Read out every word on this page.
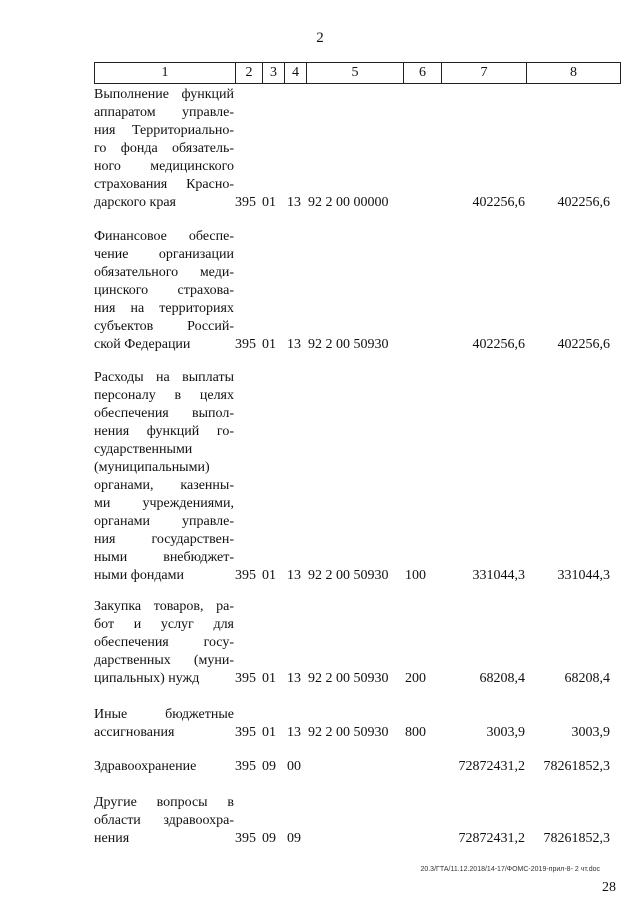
2
1	2	3	4	5	6	7	8
Выполнение функций
аппаратом управле-
ния Территориально-
го фонда обязатель-
ного медицинского
страхования Красно-
дарского края	395 01 13 92 2 00 00000	402256,6 402256,6
Финансовое обеспе-
чение организации
обязательного меди-
цинского страхова-
ния на территориях
субъектов Россий-
ской Федерации	395 01 13 92 2 00 50930	402256,6 402256,6
Расходы на выплаты
персоналу в целях
обеспечения выпол-
нения функций го-
сударственными
(муниципальными)
органами, казенны-
ми учреждениями,
органами управле-
ния государствен-
ными внебюджет-
ными фондами	395 01 13 92 2 00 50930 100	331044,3 331044,3
Закупка товаров, ра-
бот и услуг для
обеспечения госу-
дарственных (муни-
ципальных) нужд	395 01 13 92 2 00 50930 200	68208,4	68208,4
Иные бюджетные
ассигнования	395 01 13 92 2 00 50930 800	3003,9	3003,9
Здравоохранение	395 09 00	72872431,2 78261852,3
Другие вопросы в
области здравоохра-
нения	395 09 09	72872431,2 78261852,3
20.3/ГТА/11.12.2018/14-17/ФОМС-2019-прил-8- 2 чт.doc
28
